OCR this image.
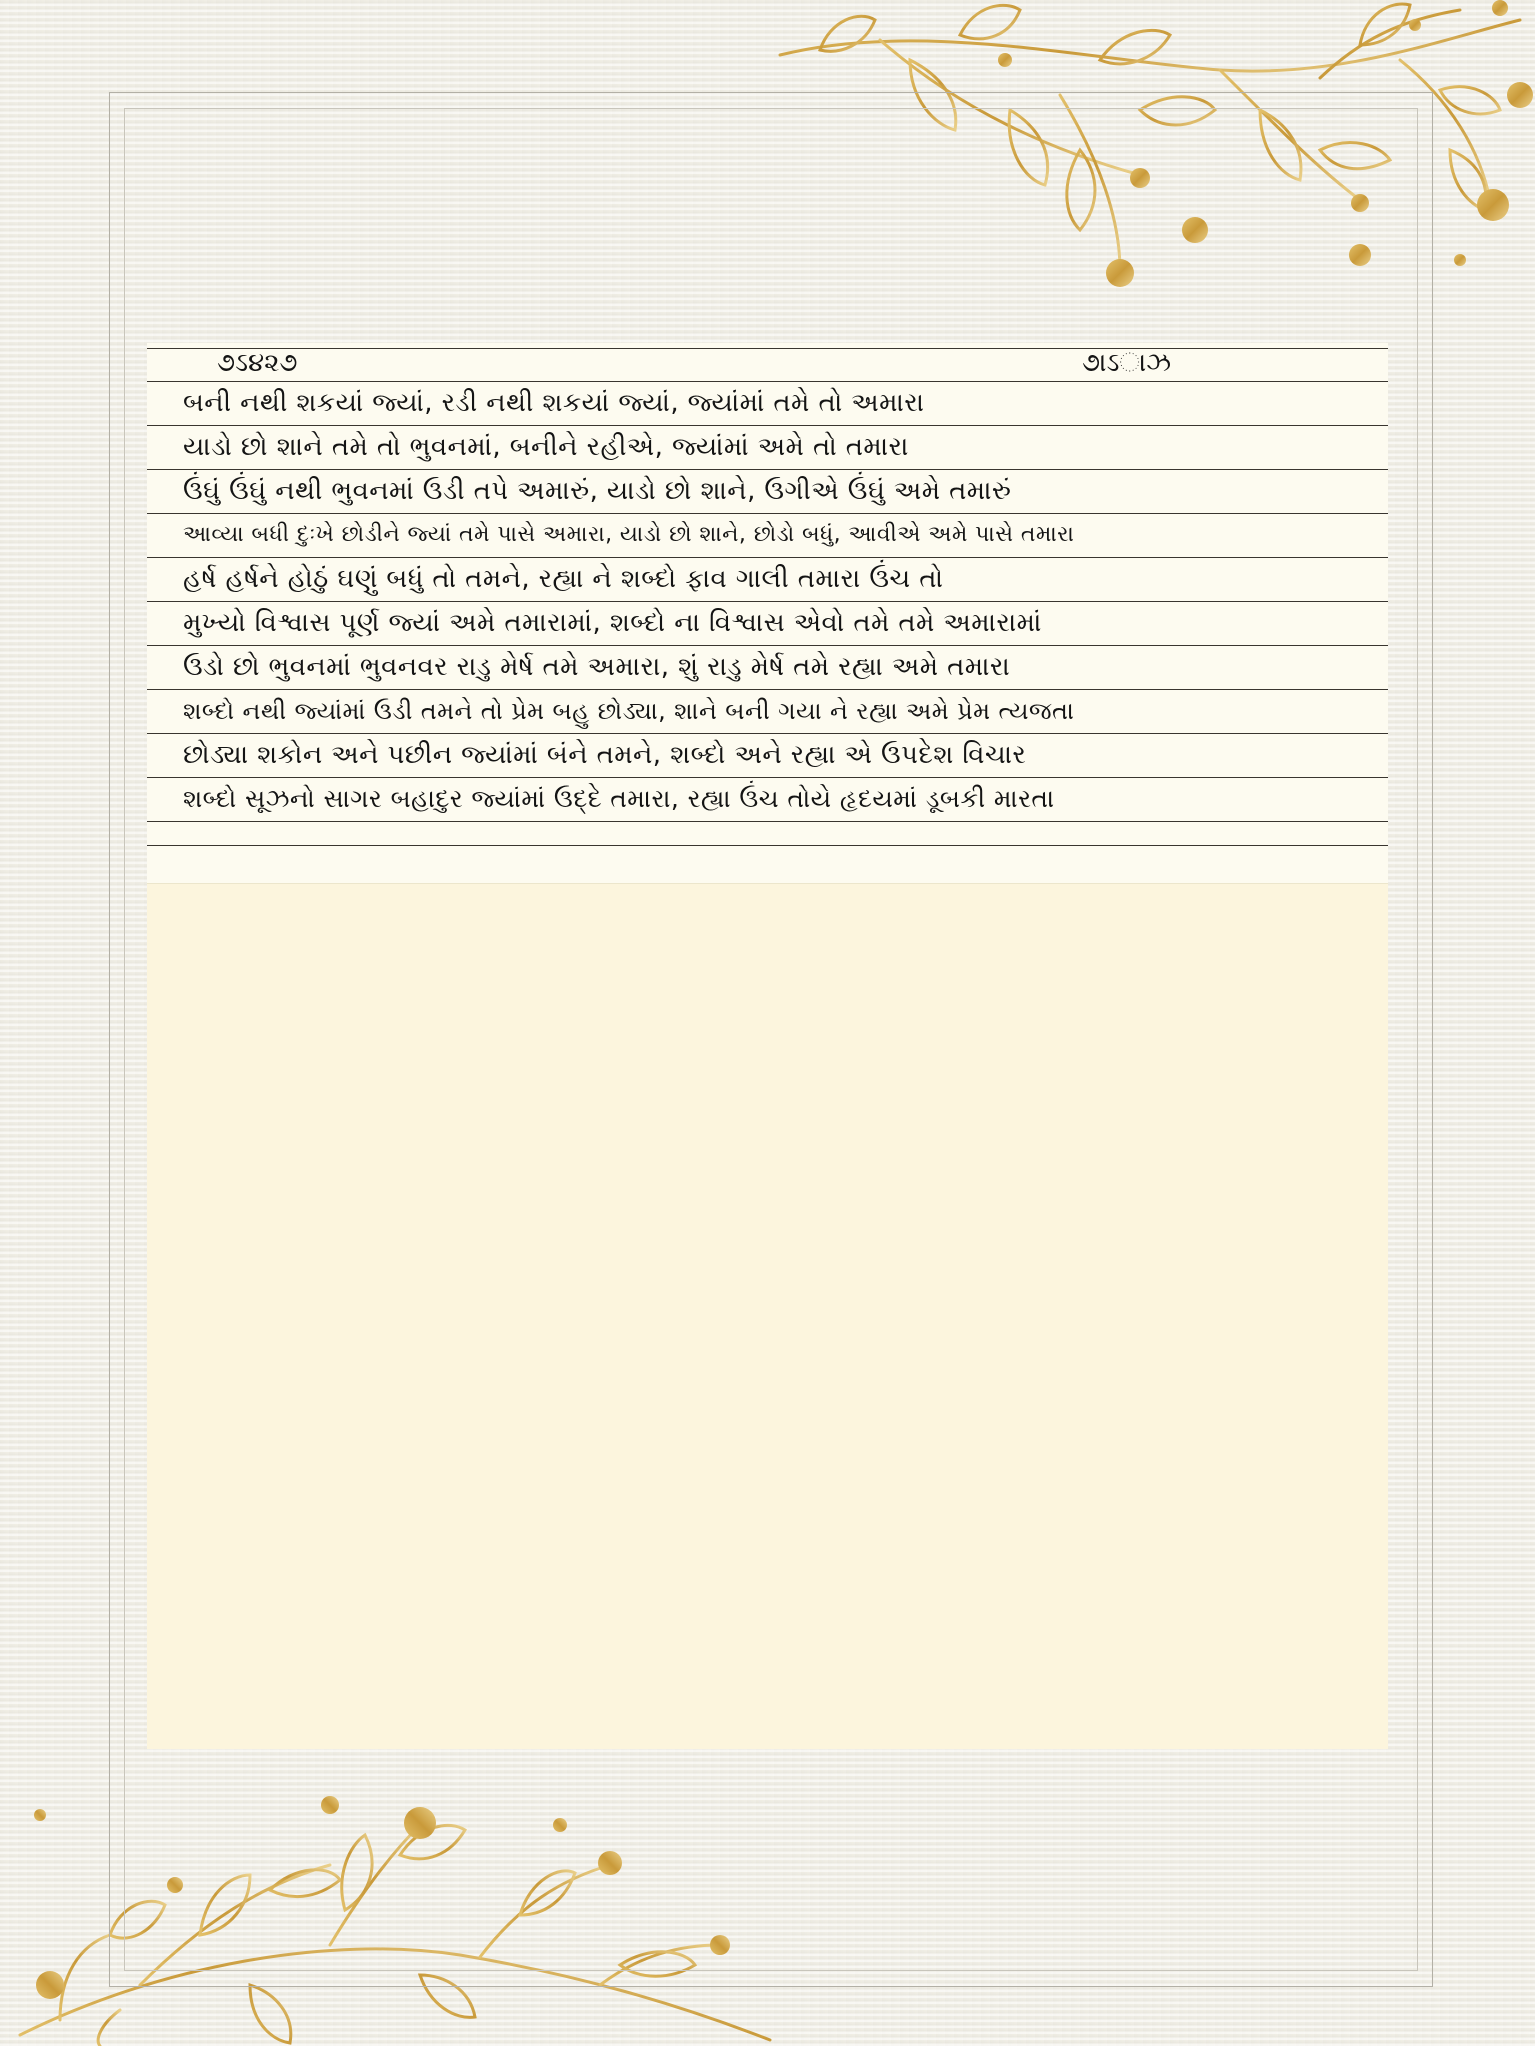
૭ઽ૪૨૭	૭ાઽાઝ
બની નથી શકયાં જ્યાં, રડી નથી શકયાં જ્યાં, જ્યાંમાં તમે તો અમારા
યાડો છો શાને તમે તો ભુવનમાં, બનીને રહીએ, જ્યાંમાં અમે તો તમારા
ઉંઘું ઉંઘું નથી ભુવનમાં ઉડી તપે અમારું, યાડો છો શાને, ઉગીએ ઉંઘું અમે તમારું
આવ્યા બધી દુઃખે છોડીને જ્યાં તમે પાસે અમારા, યાડો છો શાને, છોડો બધું, આવીએ અમે પાસે તમારા
હર્ષ હર્ષને હોઠું ઘણું બધું તો તમને, રહ્યા ને શબ્દો ફાવ ગાલી તમારા ઉંચ તો
મુખ્યો વિશ્વાસ પૂર્ણ જ્યાં અમે તમારામાં, શબ્દો ના વિશ્વાસ એવો તમે તમે અમારામાં
ઉડો છો ભુવનમાં ભુવનવર રાડુ મેર્ષ તમે અમારા, શું રાડુ મેર્ષ તમે રહ્યા અમે તમારા
શબ્દો નથી જ્યાંમાં ઉડી તમને તો પ્રેમ બહુ છોડ્યા, શાને બની ગયા ને રહ્યા અમે પ્રેમ ત્યજતા
છોડ્યા શકોન અને પછીન જ્યાંમાં બંને તમને, શબ્દો અને રહ્યા એ ઉપદેશ વિચાર
શબ્દો સૂઝનો સાગર બહાદુર જ્યાંમાં ઉદ્દે તમારા, રહ્યા ઉંચ તોયે હૃદયમાં ડૂબકી મારતા
